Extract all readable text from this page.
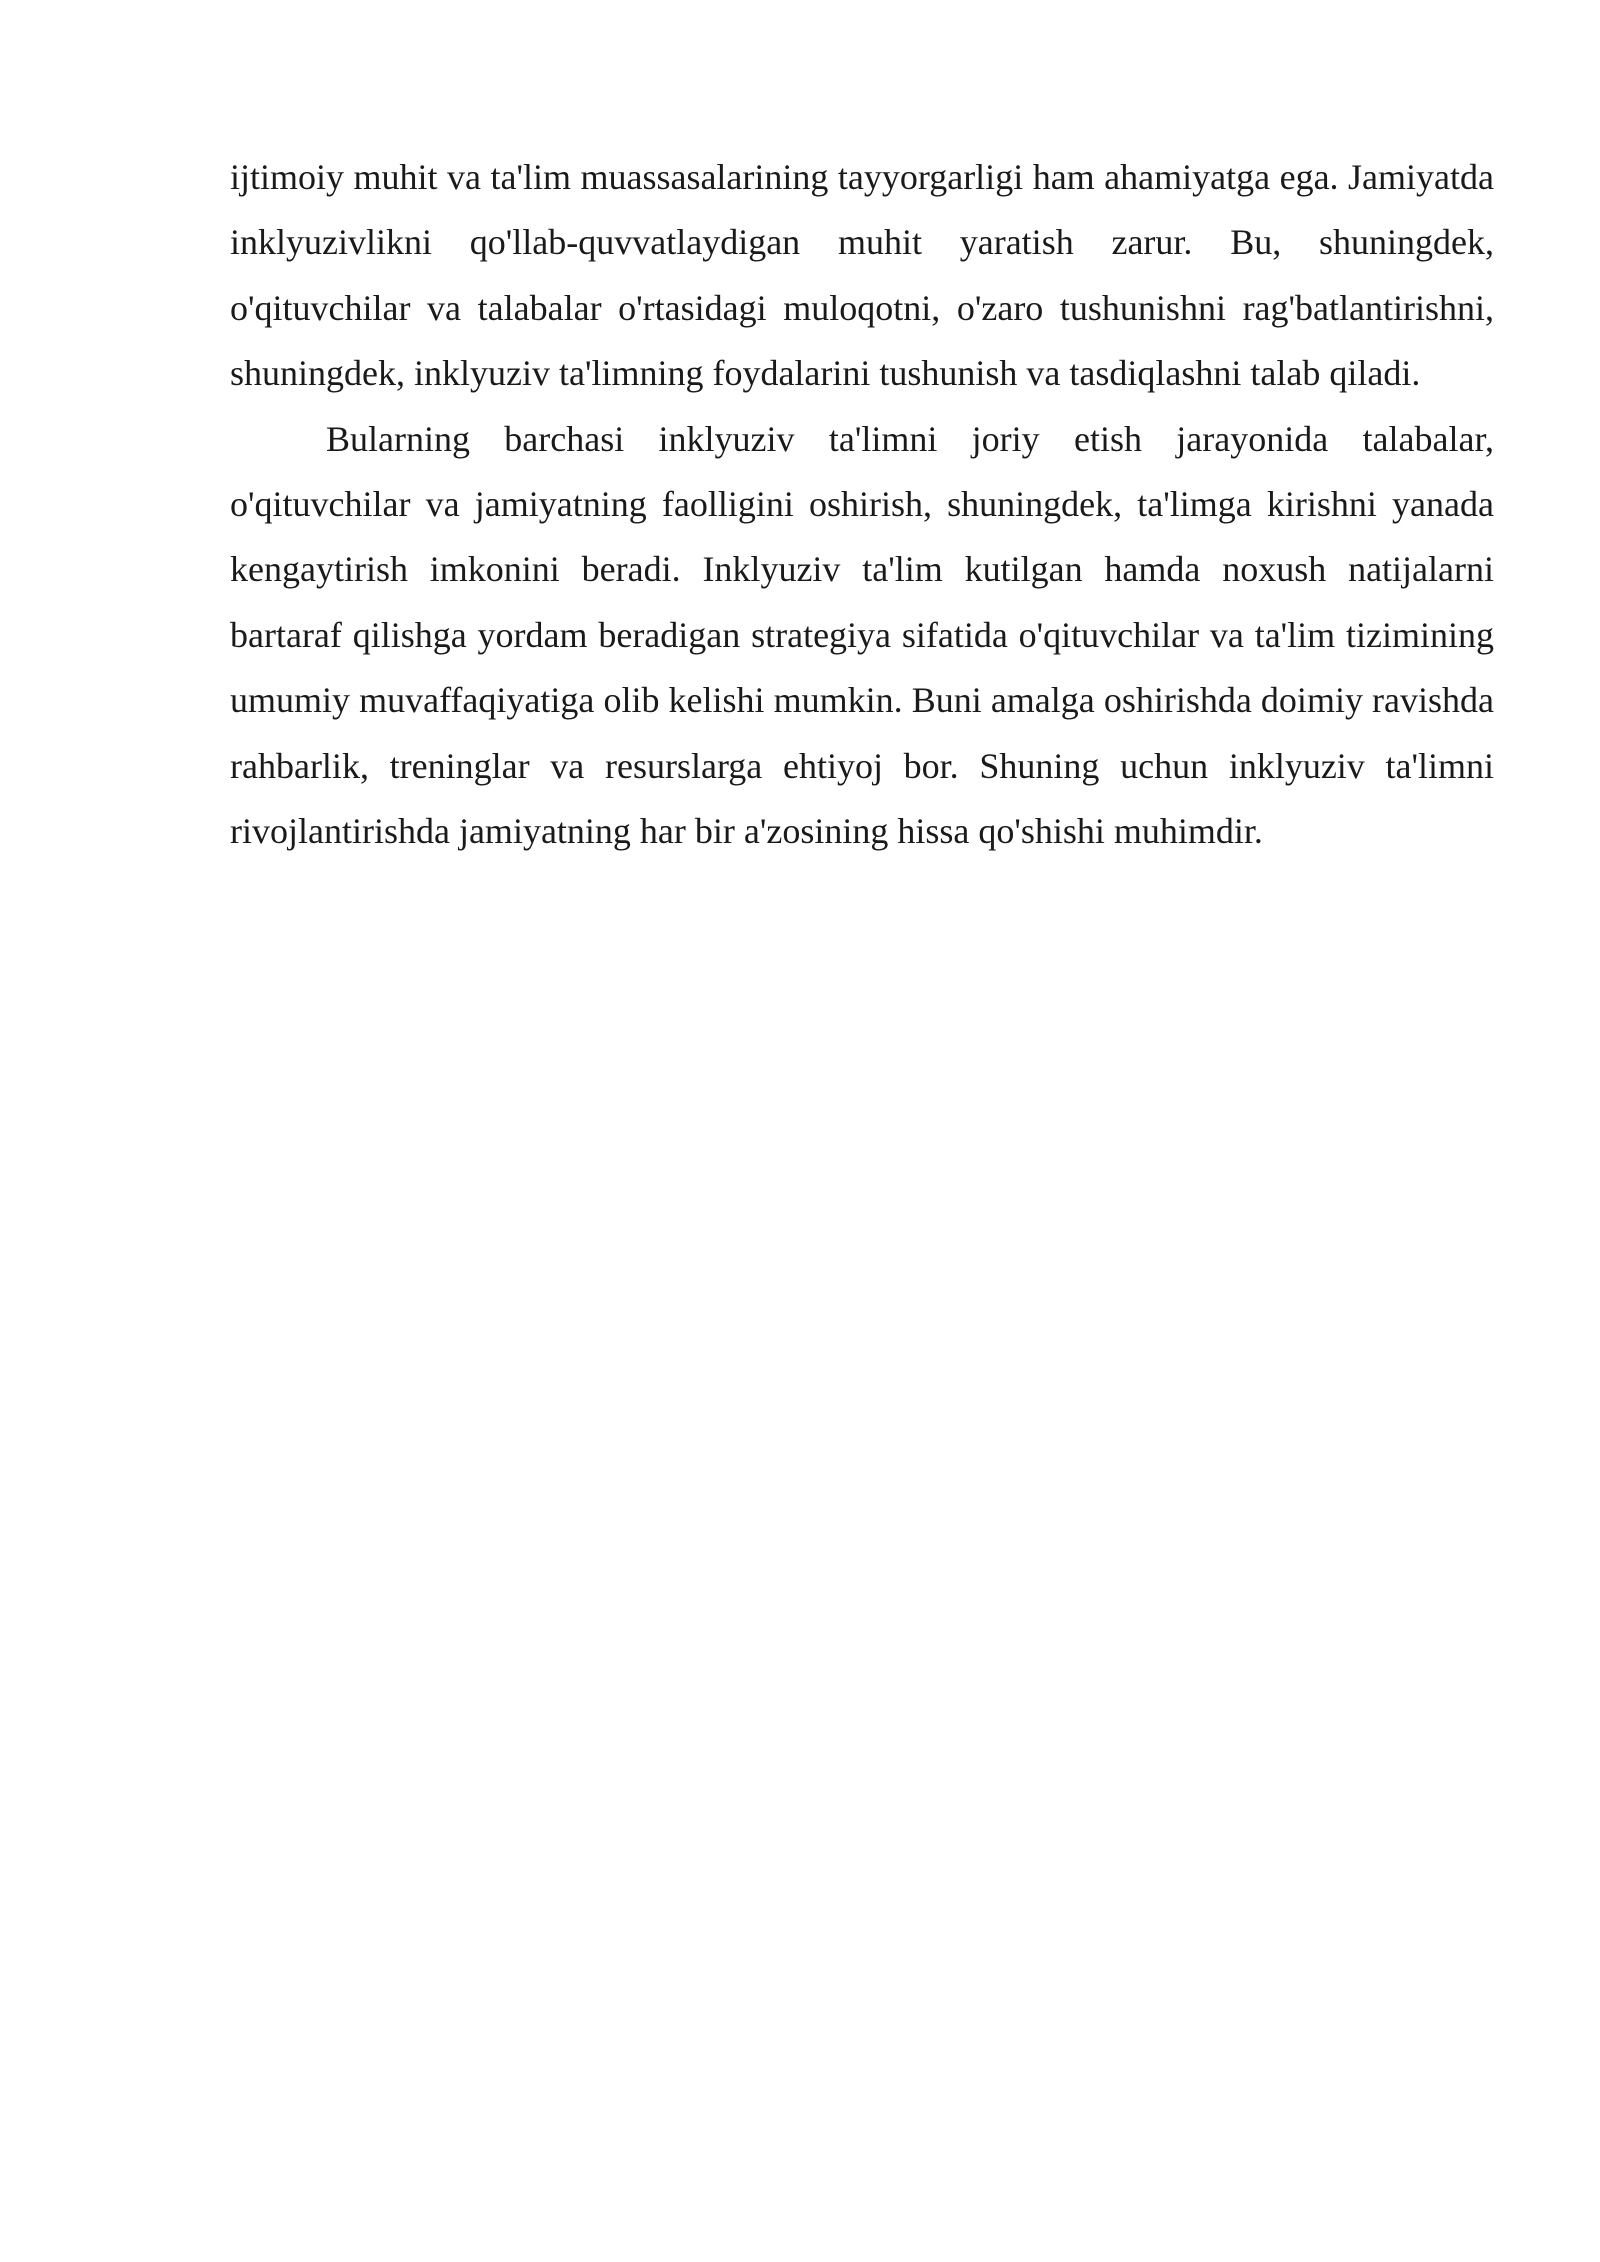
ijtimoiy muhit va ta'lim muassasalarining tayyorgarligi ham ahamiyatga ega. Jamiyatda inklyuzivlikni qo'llab-quvvatlaydigan muhit yaratish zarur. Bu, shuningdek, o'qituvchilar va talabalar o'rtasidagi muloqotni, o'zaro tushunishni rag'batlantirishni, shuningdek, inklyuziv ta'limning foydalarini tushunish va tasdiqlashni talab qiladi.

Bularning barchasi inklyuziv ta'limni joriy etish jarayonida talabalar, o'qituvchilar va jamiyatning faolligini oshirish, shuningdek, ta'limga kirishni yanada kengaytirish imkonini beradi. Inklyuziv ta'lim kutilgan hamda noxush natijalarni bartaraf qilishga yordam beradigan strategiya sifatida o'qituvchilar va ta'lim tizimining umumiy muvaffaqiyatiga olib kelishi mumkin. Buni amalga oshirishda doimiy ravishda rahbarlik, treninglar va resurslarga ehtiyoj bor. Shuning uchun inklyuziv ta'limni rivojlantirishda jamiyatning har bir a'zosining hissa qo'shishi muhimdir.
